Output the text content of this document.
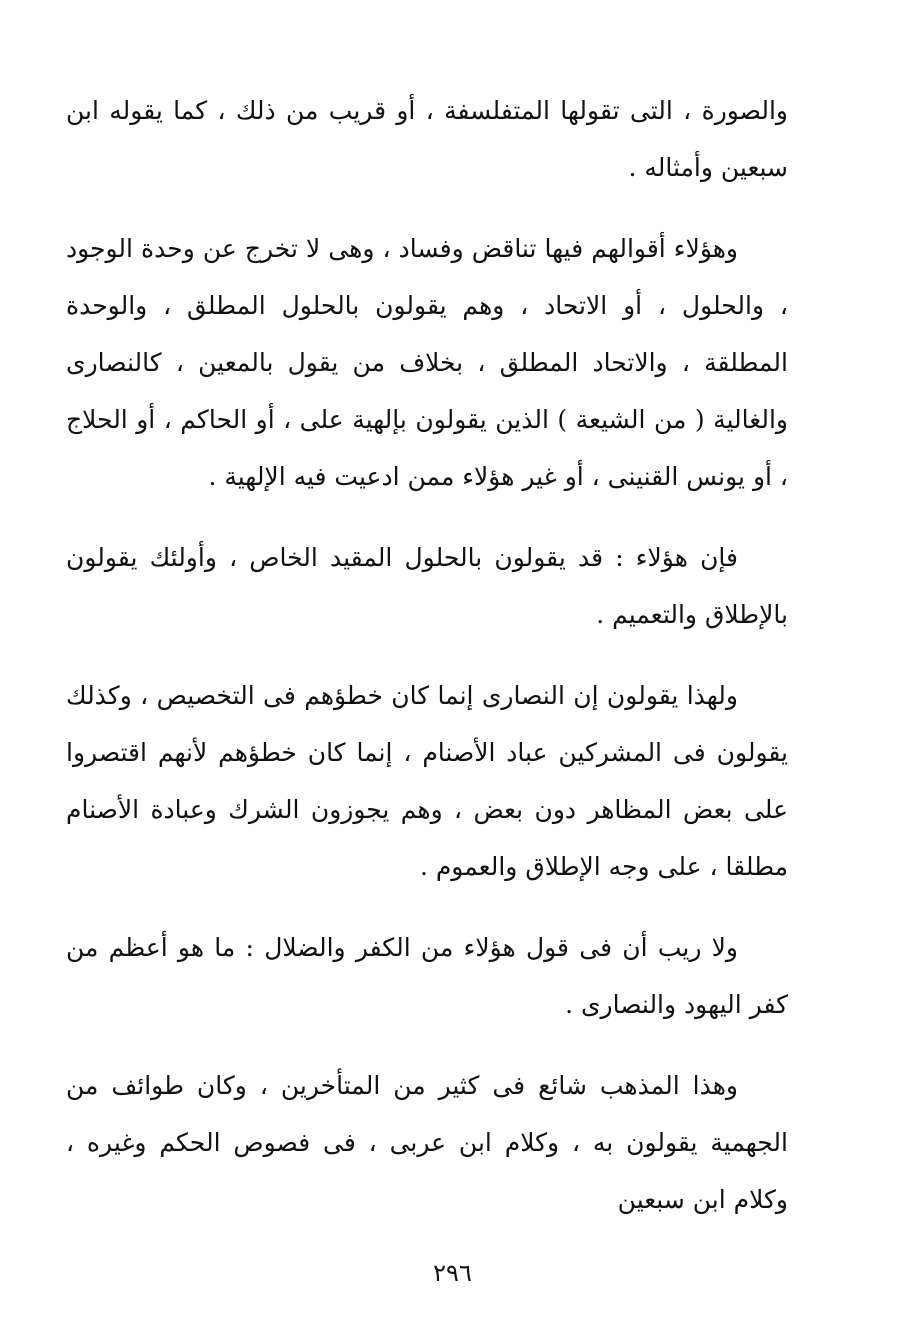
والصورة ، التى تقولها المتفلسفة ، أو قريب من ذلك ، كما يقوله ابن سبعين وأمثاله .

وهؤلاء أقوالهم فيها تناقض وفساد ، وهى لا تخرج عن وحدة الوجود ، والحلول ، أو الاتحاد ، وهم يقولون بالحلول المطلق ، والوحدة المطلقة ، والاتحاد المطلق ، بخلاف من يقول بالمعين ، كالنصارى والغالية ( من الشيعة ) الذين يقولون بإلهية على ، أو الحاكم ، أو الحلاج ، أو يونس القنينى ، أو غير هؤلاء ممن ادعيت فيه الإلهية .

فإن هؤلاء : قد يقولون بالحلول المقيد الخاص ، وأولئك يقولون بالإطلاق والتعميم .

ولهذا يقولون إن النصارى إنما كان خطؤهم فى التخصيص ، وكذلك يقولون فى المشركين عباد الأصنام ، إنما كان خطؤهم لأنهم اقتصروا على بعض المظاهر دون بعض ، وهم يجوزون الشرك وعبادة الأصنام مطلقا ، على وجه الإطلاق والعموم .

ولا ريب أن فى قول هؤلاء من الكفر والضلال : ما هو أعظم من كفر اليهود والنصارى .

وهذا المذهب شائع فى كثير من المتأخرين ، وكان طوائف من الجهمية يقولون به ، وكلام ابن عربى ، فى فصوص الحكم وغيره ، وكلام ابن سبعين

٢٩٦
